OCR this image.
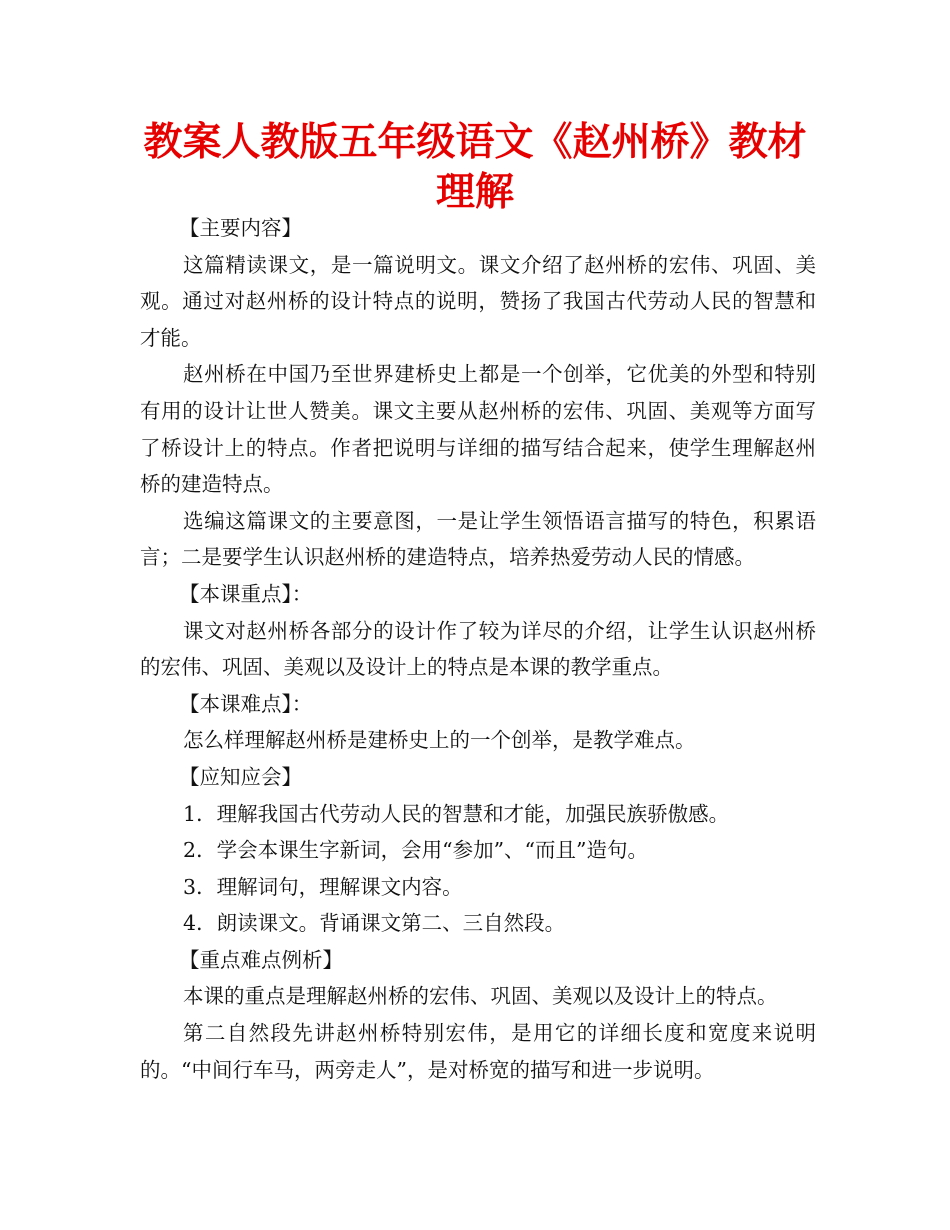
教案人教版五年级语文《赵州桥》教材理解

【主要内容】

这篇精读课文，是一篇说明文。课文介绍了赵州桥的宏伟、巩固、美观。通过对赵州桥的设计特点的说明，赞扬了我国古代劳动人民的智慧和才能。

赵州桥在中国乃至世界建桥史上都是一个创举，它优美的外型和特别有用的设计让世人赞美。课文主要从赵州桥的宏伟、巩固、美观等方面写了桥设计上的特点。作者把说明与详细的描写结合起来，使学生理解赵州桥的建造特点。

选编这篇课文的主要意图，一是让学生领悟语言描写的特色，积累语言；二是要学生认识赵州桥的建造特点，培养热爱劳动人民的情感。

【本课重点】：

课文对赵州桥各部分的设计作了较为详尽的介绍，让学生认识赵州桥的宏伟、巩固、美观以及设计上的特点是本课的教学重点。

【本课难点】：

怎么样理解赵州桥是建桥史上的一个创举，是教学难点。

【应知应会】

1．理解我国古代劳动人民的智慧和才能，加强民族骄傲感。

2．学会本课生字新词，会用“参加”、“而且”造句。

3．理解词句，理解课文内容。

4．朗读课文。背诵课文第二、三自然段。

【重点难点例析】

本课的重点是理解赵州桥的宏伟、巩固、美观以及设计上的特点。

第二自然段先讲赵州桥特别宏伟，是用它的详细长度和宽度来说明的。“中间行车马，两旁走人”，是对桥宽的描写和进一步说明。
